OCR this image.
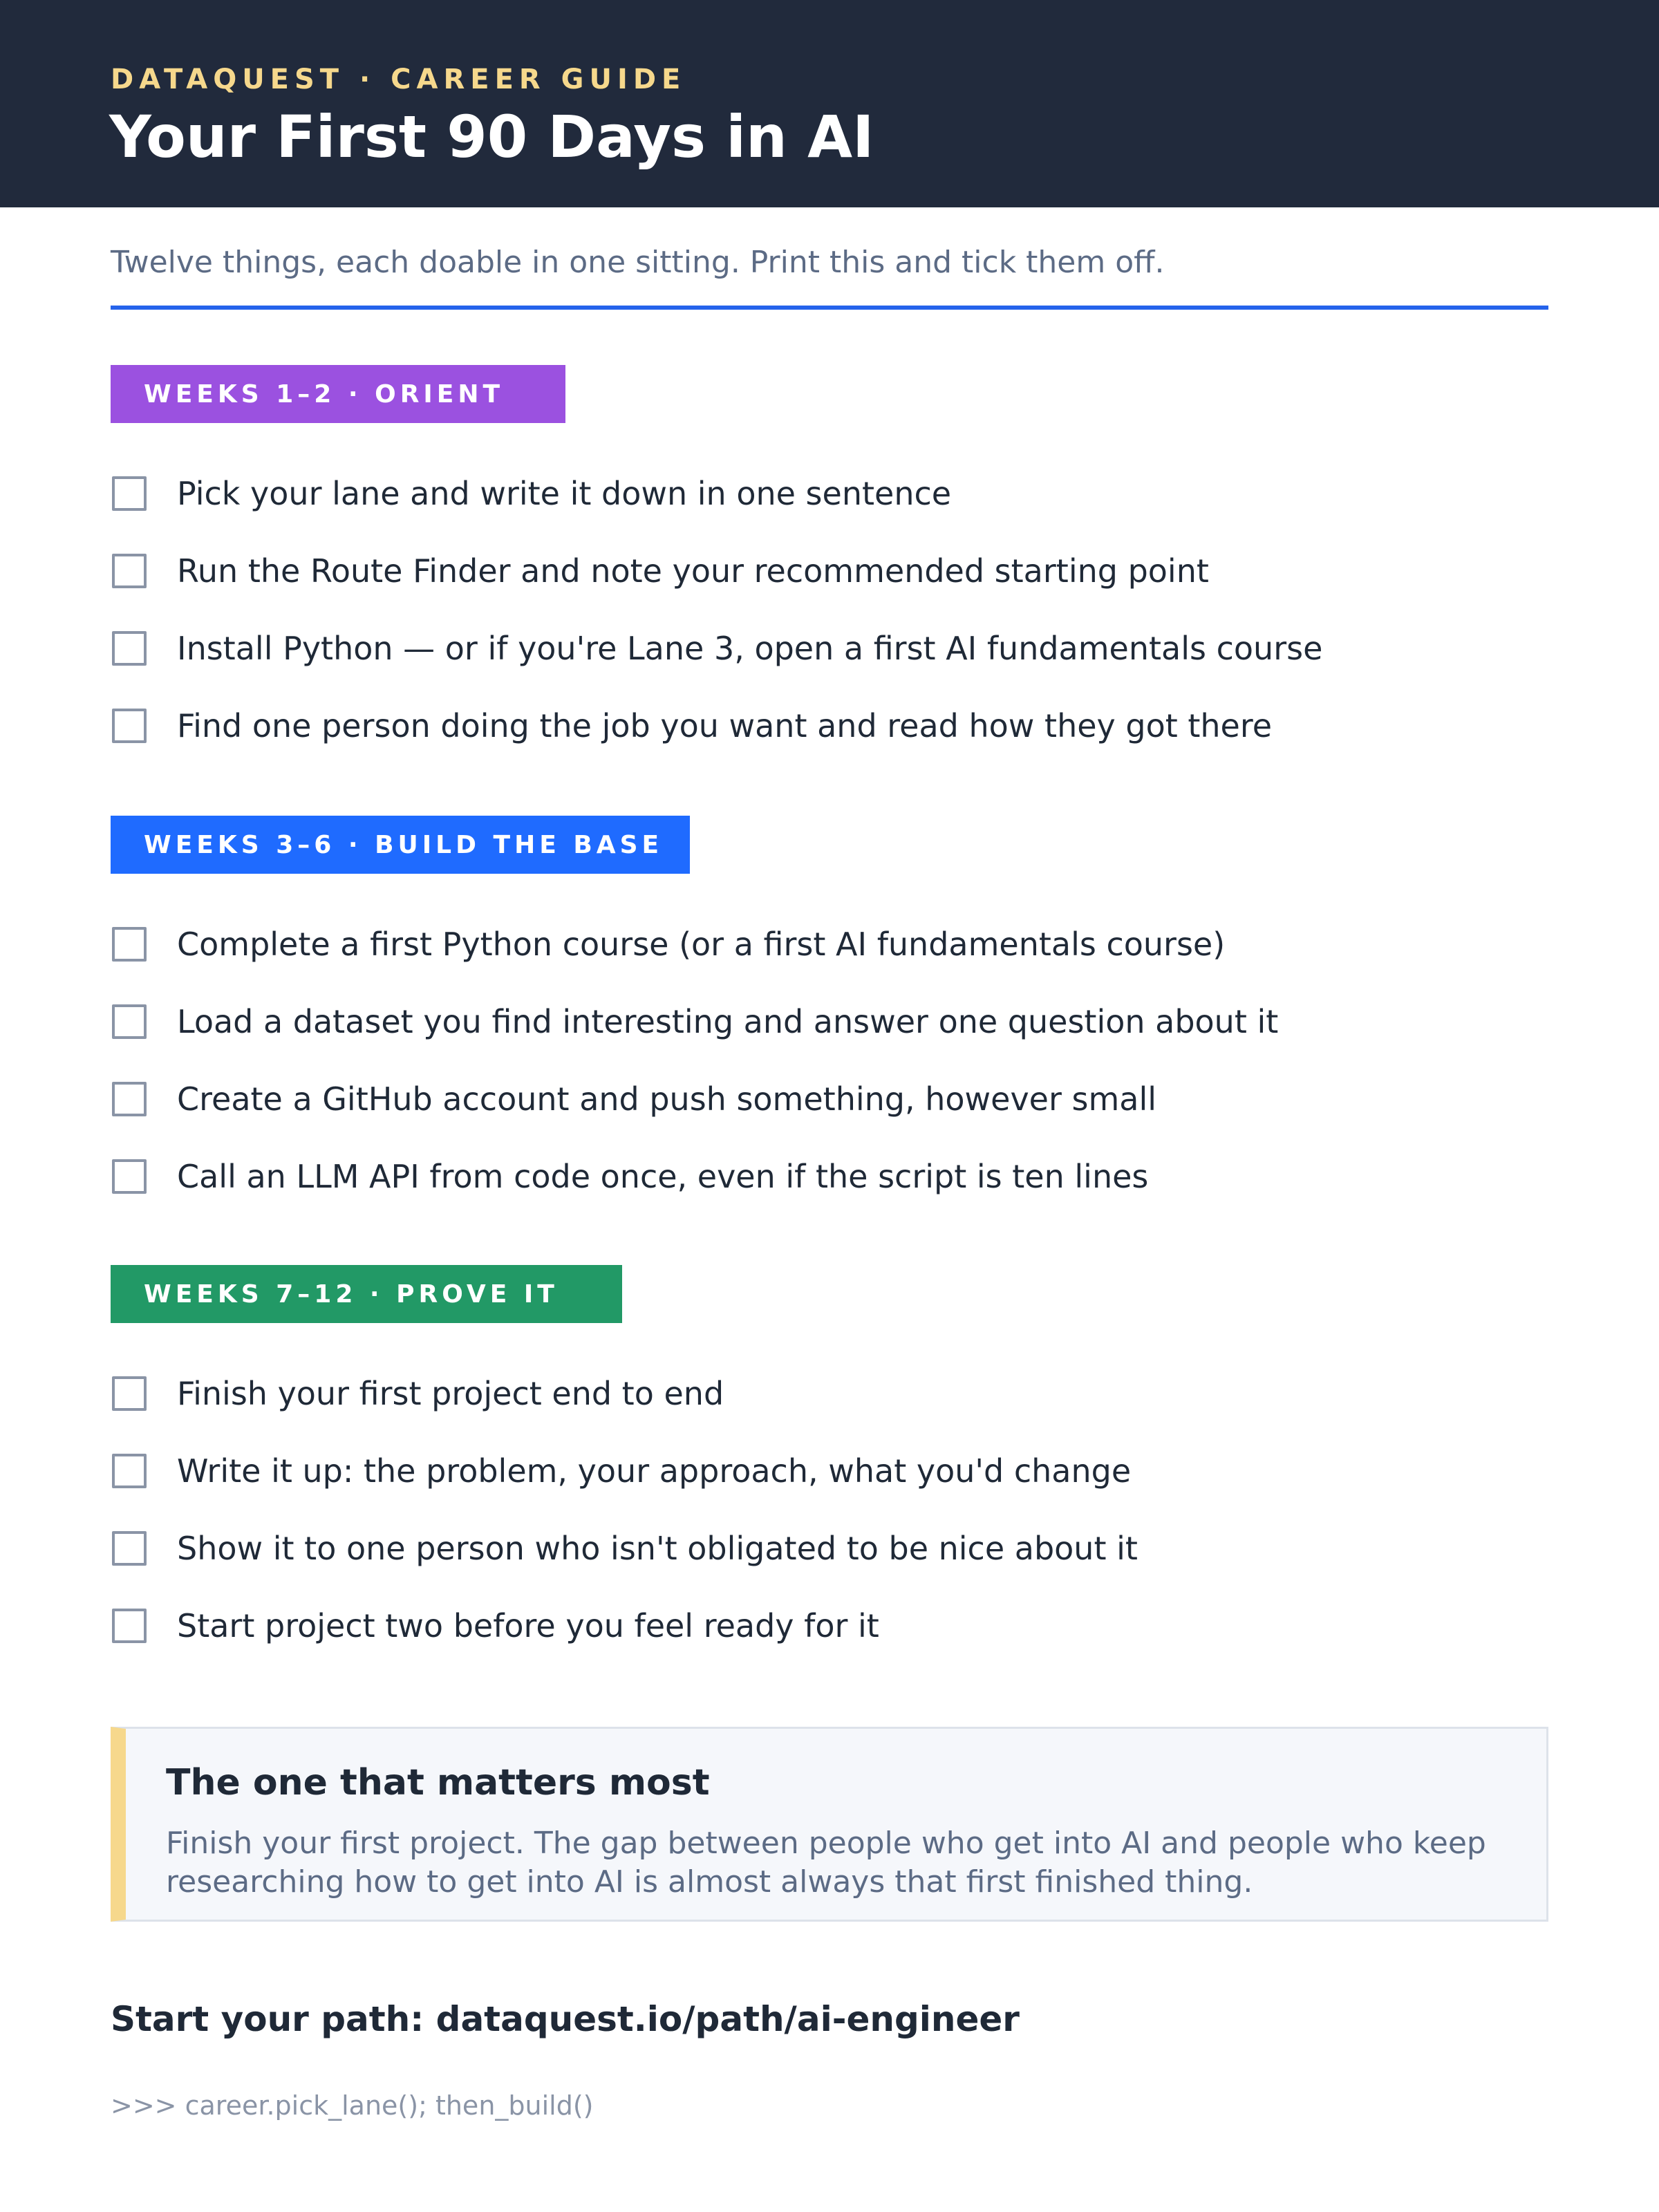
DATAQUEST · CAREER GUIDE
Your First 90 Days in AI
Twelve things, each doable in one sitting. Print this and tick them off.
WEEKS 1–2 · ORIENT
Pick your lane and write it down in one sentence
Run the Route Finder and note your recommended starting point
Install Python — or if you're Lane 3, open a first AI fundamentals course
Find one person doing the job you want and read how they got there
WEEKS 3–6 · BUILD THE BASE
Complete a first Python course (or a first AI fundamentals course)
Load a dataset you find interesting and answer one question about it
Create a GitHub account and push something, however small
Call an LLM API from code once, even if the script is ten lines
WEEKS 7–12 · PROVE IT
Finish your first project end to end
Write it up: the problem, your approach, what you'd change
Show it to one person who isn't obligated to be nice about it
Start project two before you feel ready for it
The one that matters most
Finish your first project. The gap between people who get into AI and people who keep researching how to get into AI is almost always that first finished thing.
Start your path: dataquest.io/path/ai-engineer
>>> career.pick_lane(); then_build()
